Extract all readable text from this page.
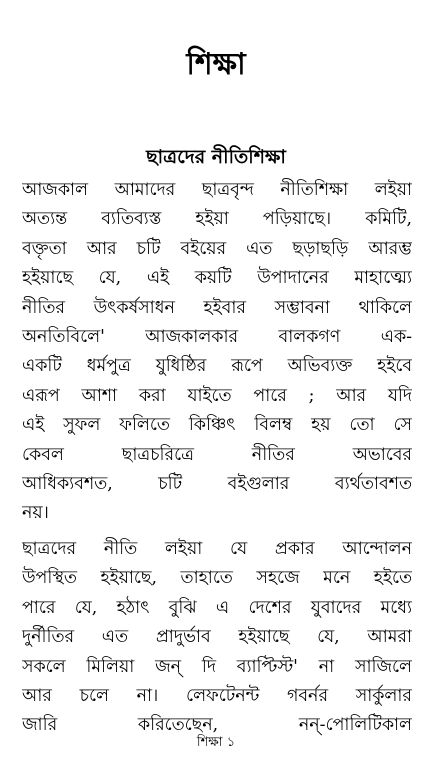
শিক্ষা
ছাত্রদের নীতিশিক্ষা
আজকাল আমাদের ছাত্রবৃন্দ নীতিশিক্ষা লইয়া
অত্যন্ত ব্যতিব্যস্ত হইয়া পড়িয়াছে। কমিটি,
বক্তৃতা আর চটি বইয়ের এত ছড়াছড়ি আরম্ভ
হইয়াছে যে, এই কয়টি উপাদানের মাহাত্ম্যে
নীতির উৎকর্ষসাধন হইবার সম্ভাবনা থাকিলে
অনতিবিলে' আজকালকার বালকগণ এক-
একটি ধর্মপুত্র যুধিষ্ঠির রূপে অভিব্যক্ত হইবে
এরূপ আশা করা যাইতে পারে ; আর যদি
এই সুফল ফলিতে কিঞ্চিৎ বিলম্ব হয় তো সে
কেবল ছাত্রচরিত্রে নীতির অভাবের
আধিক্যবশত, চটি বইগুলার ব্যর্থতাবশত
নয়।
ছাত্রদের নীতি লইয়া যে প্রকার আন্দোলন
উপস্থিত হইয়াছে, তাহাতে সহজে মনে হইতে
পারে যে, হঠাৎ বুঝি এ দেশের যুবাদের মধ্যে
দুর্নীতির এত প্রাদুর্ভাব হইয়াছে যে, আমরা
সকলে মিলিয়া জন্‌ দি ব্যাপ্টিস্ট' না সাজিলে
আর চলে না। লেফটেনন্ট গবর্নর সার্কুলার
জারি করিতেছেন, নন্‌-পোলিটিকাল
শিক্ষা ১
